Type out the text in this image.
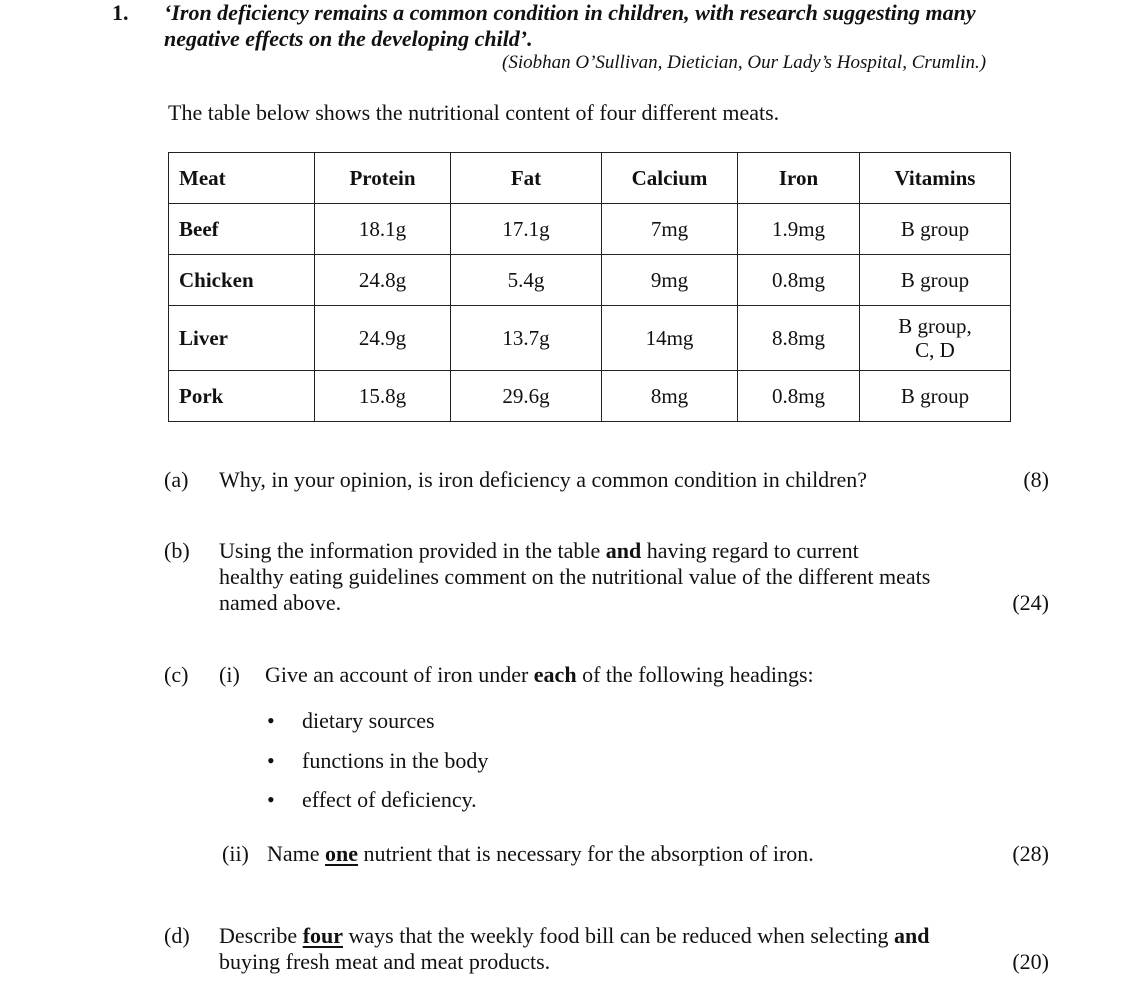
1. ‘Iron deficiency remains a common condition in children, with research suggesting many
negative effects on the developing child’.
(Siobhan O’Sullivan, Dietician, Our Lady’s Hospital, Crumlin.)
The table below shows the nutritional content of four different meats.
Meat	Protein	Fat	Calcium	Iron	Vitamins
Beef	18.1g	17.1g	7mg	1.9mg	B group
Chicken	24.8g	5.4g	9mg	0.8mg	B group
Liver	24.9g	13.7g	14mg	8.8mg	B group,
C, D

Pork	15.8g	29.6g	8mg	0.8mg	B group
(a) Why, in your opinion, is iron deficiency a common condition in children?	(8)
(b) Using the information provided in the table and having regard to current
healthy eating guidelines comment on the nutritional value of the different meats
named above.	(24)
(c) (i) Give an account of iron under each of the following headings:
• dietary sources
• functions in the body
• effect of deficiency.
(ii) Name one nutrient that is necessary for the absorption of iron.	(28)
(d) Describe four ways that the weekly food bill can be reduced when selecting and
buying fresh meat and meat products.	(20)
